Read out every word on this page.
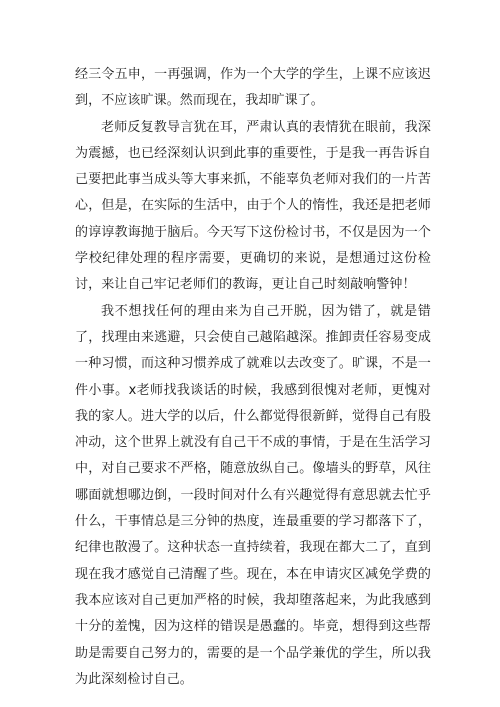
经三令五申，一再强调，作为一个大学的学生，上课不应该迟到，不应该旷课。然而现在，我却旷课了。

老师反复教导言犹在耳，严肃认真的表情犹在眼前，我深为震撼，也已经深刻认识到此事的重要性，于是我一再告诉自己要把此事当成头等大事来抓，不能辜负老师对我们的一片苦心，但是，在实际的生活中，由于个人的惰性，我还是把老师的谆谆教诲抛于脑后。今天写下这份检讨书，不仅是因为一个学校纪律处理的程序需要，更确切的来说，是想通过这份检讨，来让自己牢记老师们的教诲，更让自己时刻敲响警钟！

我不想找任何的理由来为自己开脱，因为错了，就是错了，找理由来逃避，只会使自己越陷越深。推卸责任容易变成一种习惯，而这种习惯养成了就难以去改变了。旷课，不是一件小事。x老师找我谈话的时候，我感到很愧对老师，更愧对我的家人。进大学的以后，什么都觉得很新鲜，觉得自己有股冲动，这个世界上就没有自己干不成的事情，于是在生活学习中，对自己要求不严格，随意放纵自己。像墙头的野草，风往哪面就想哪边倒，一段时间对什么有兴趣觉得有意思就去忙乎什么，干事情总是三分钟的热度，连最重要的学习都落下了，纪律也散漫了。这种状态一直持续着，我现在都大二了，直到现在我才感觉自己清醒了些。现在，本在申请灾区减免学费的我本应该对自己更加严格的时候，我却堕落起来，为此我感到十分的羞愧，因为这样的错误是愚蠢的。毕竟，想得到这些帮助是需要自己努力的，需要的是一个品学兼优的学生，所以我为此深刻检讨自己。
